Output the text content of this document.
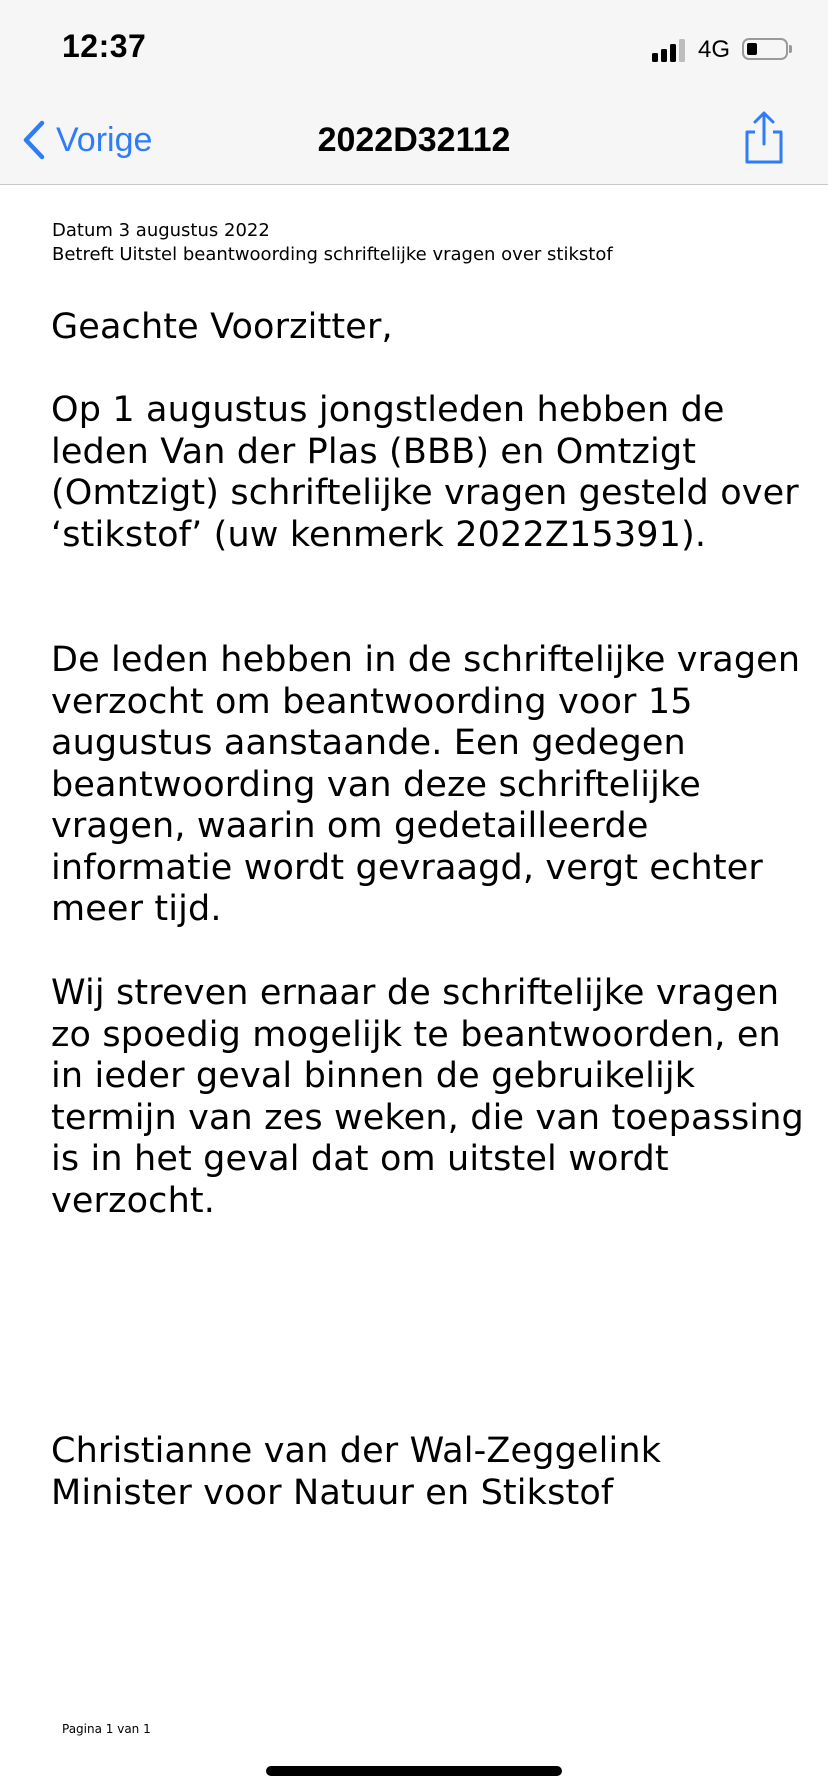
12:37	4G
Vorige	2022D32112
Datum 3 augustus 2022
Betreft Uitstel beantwoording schriftelijke vragen over stikstof

Geachte Voorzitter,

Op 1 augustus jongstleden hebben de leden Van der Plas (BBB) en Omtzigt (Omtzigt) schriftelijke vragen gesteld over ‘stikstof’ (uw kenmerk 2022Z15391).

De leden hebben in de schriftelijke vragen verzocht om beantwoording voor 15 augustus aanstaande. Een gedegen beantwoording van deze schriftelijke vragen, waarin om gedetailleerde informatie wordt gevraagd, vergt echter meer tijd.

Wij streven ernaar de schriftelijke vragen zo spoedig mogelijk te beantwoorden, en in ieder geval binnen de gebruikelijk termijn van zes weken, die van toepassing is in het geval dat om uitstel wordt verzocht.

Christianne van der Wal-Zeggelink

Minister voor Natuur en Stikstof

Pagina 1 van 1
